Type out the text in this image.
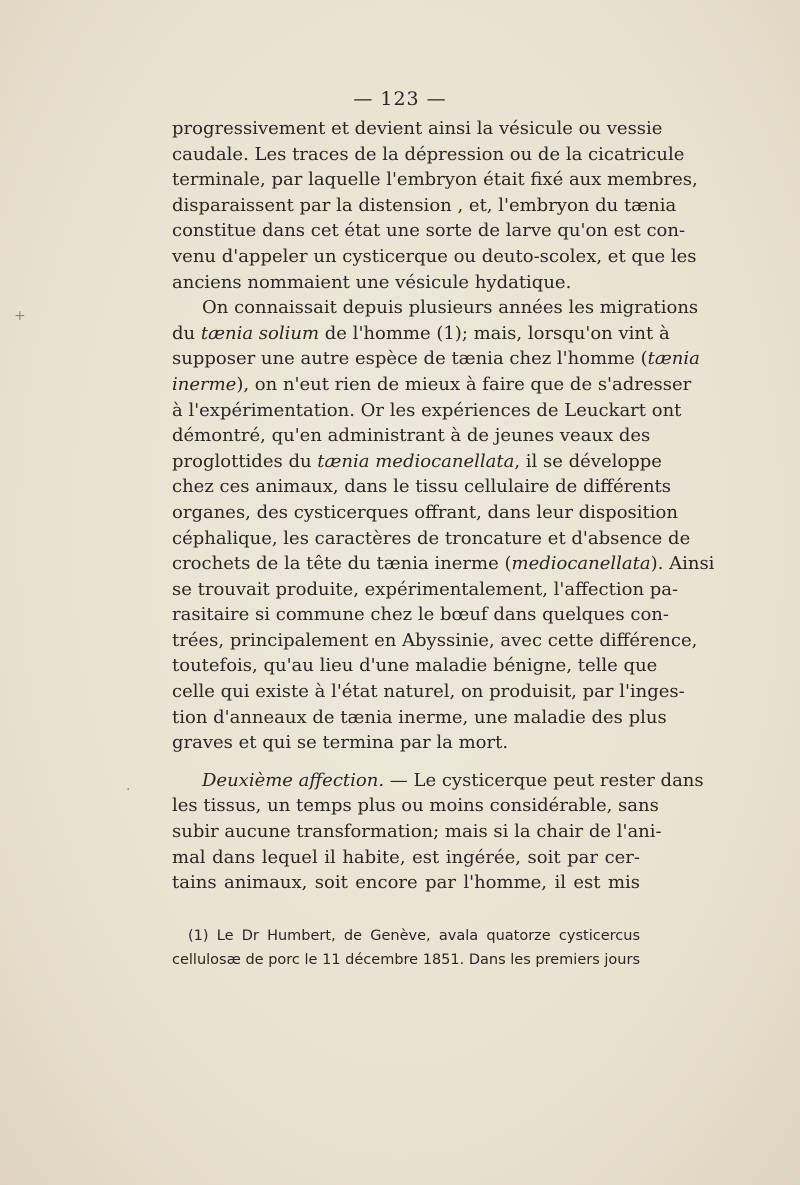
— 123 —
progressivement et devient ainsi la vésicule ou vessie
caudale. Les traces de la dépression ou de la cicatricule
terminale, par laquelle l'embryon était fixé aux membres,
disparaissent par la distension , et, l'embryon du tænia
constitue dans cet état une sorte de larve qu'on est con-
venu d'appeler un cysticerque ou deuto-scolex, et que les
anciens nommaient une vésicule hydatique.
On connaissait depuis plusieurs années les migrations
du tænia solium de l'homme (1); mais, lorsqu'on vint à
supposer une autre espèce de tænia chez l'homme (tænia
inerme), on n'eut rien de mieux à faire que de s'adresser
à l'expérimentation. Or les expériences de Leuckart ont
démontré, qu'en administrant à de jeunes veaux des
proglottides du tænia mediocanellata, il se développe
chez ces animaux, dans le tissu cellulaire de différents
organes, des cysticerques offrant, dans leur disposition
céphalique, les caractères de troncature et d'absence de
crochets de la tête du tænia inerme (mediocanellata). Ainsi
se trouvait produite, expérimentalement, l'affection pa-
rasitaire si commune chez le bœuf dans quelques con-
trées, principalement en Abyssinie, avec cette différence,
toutefois, qu'au lieu d'une maladie bénigne, telle que
celle qui existe à l'état naturel, on produisit, par l'inges-
tion d'anneaux de tænia inerme, une maladie des plus
graves et qui se termina par la mort.
Deuxième affection. — Le cysticerque peut rester dans
les tissus, un temps plus ou moins considérable, sans
subir aucune transformation; mais si la chair de l'ani-
mal dans lequel il habite, est ingérée, soit par cer-
tains animaux, soit encore par l'homme, il est mis
(1) Le Dr Humbert, de Genève, avala quatorze cysticercus
cellulosæ de porc le 11 décembre 1851. Dans les premiers jours
+
·
